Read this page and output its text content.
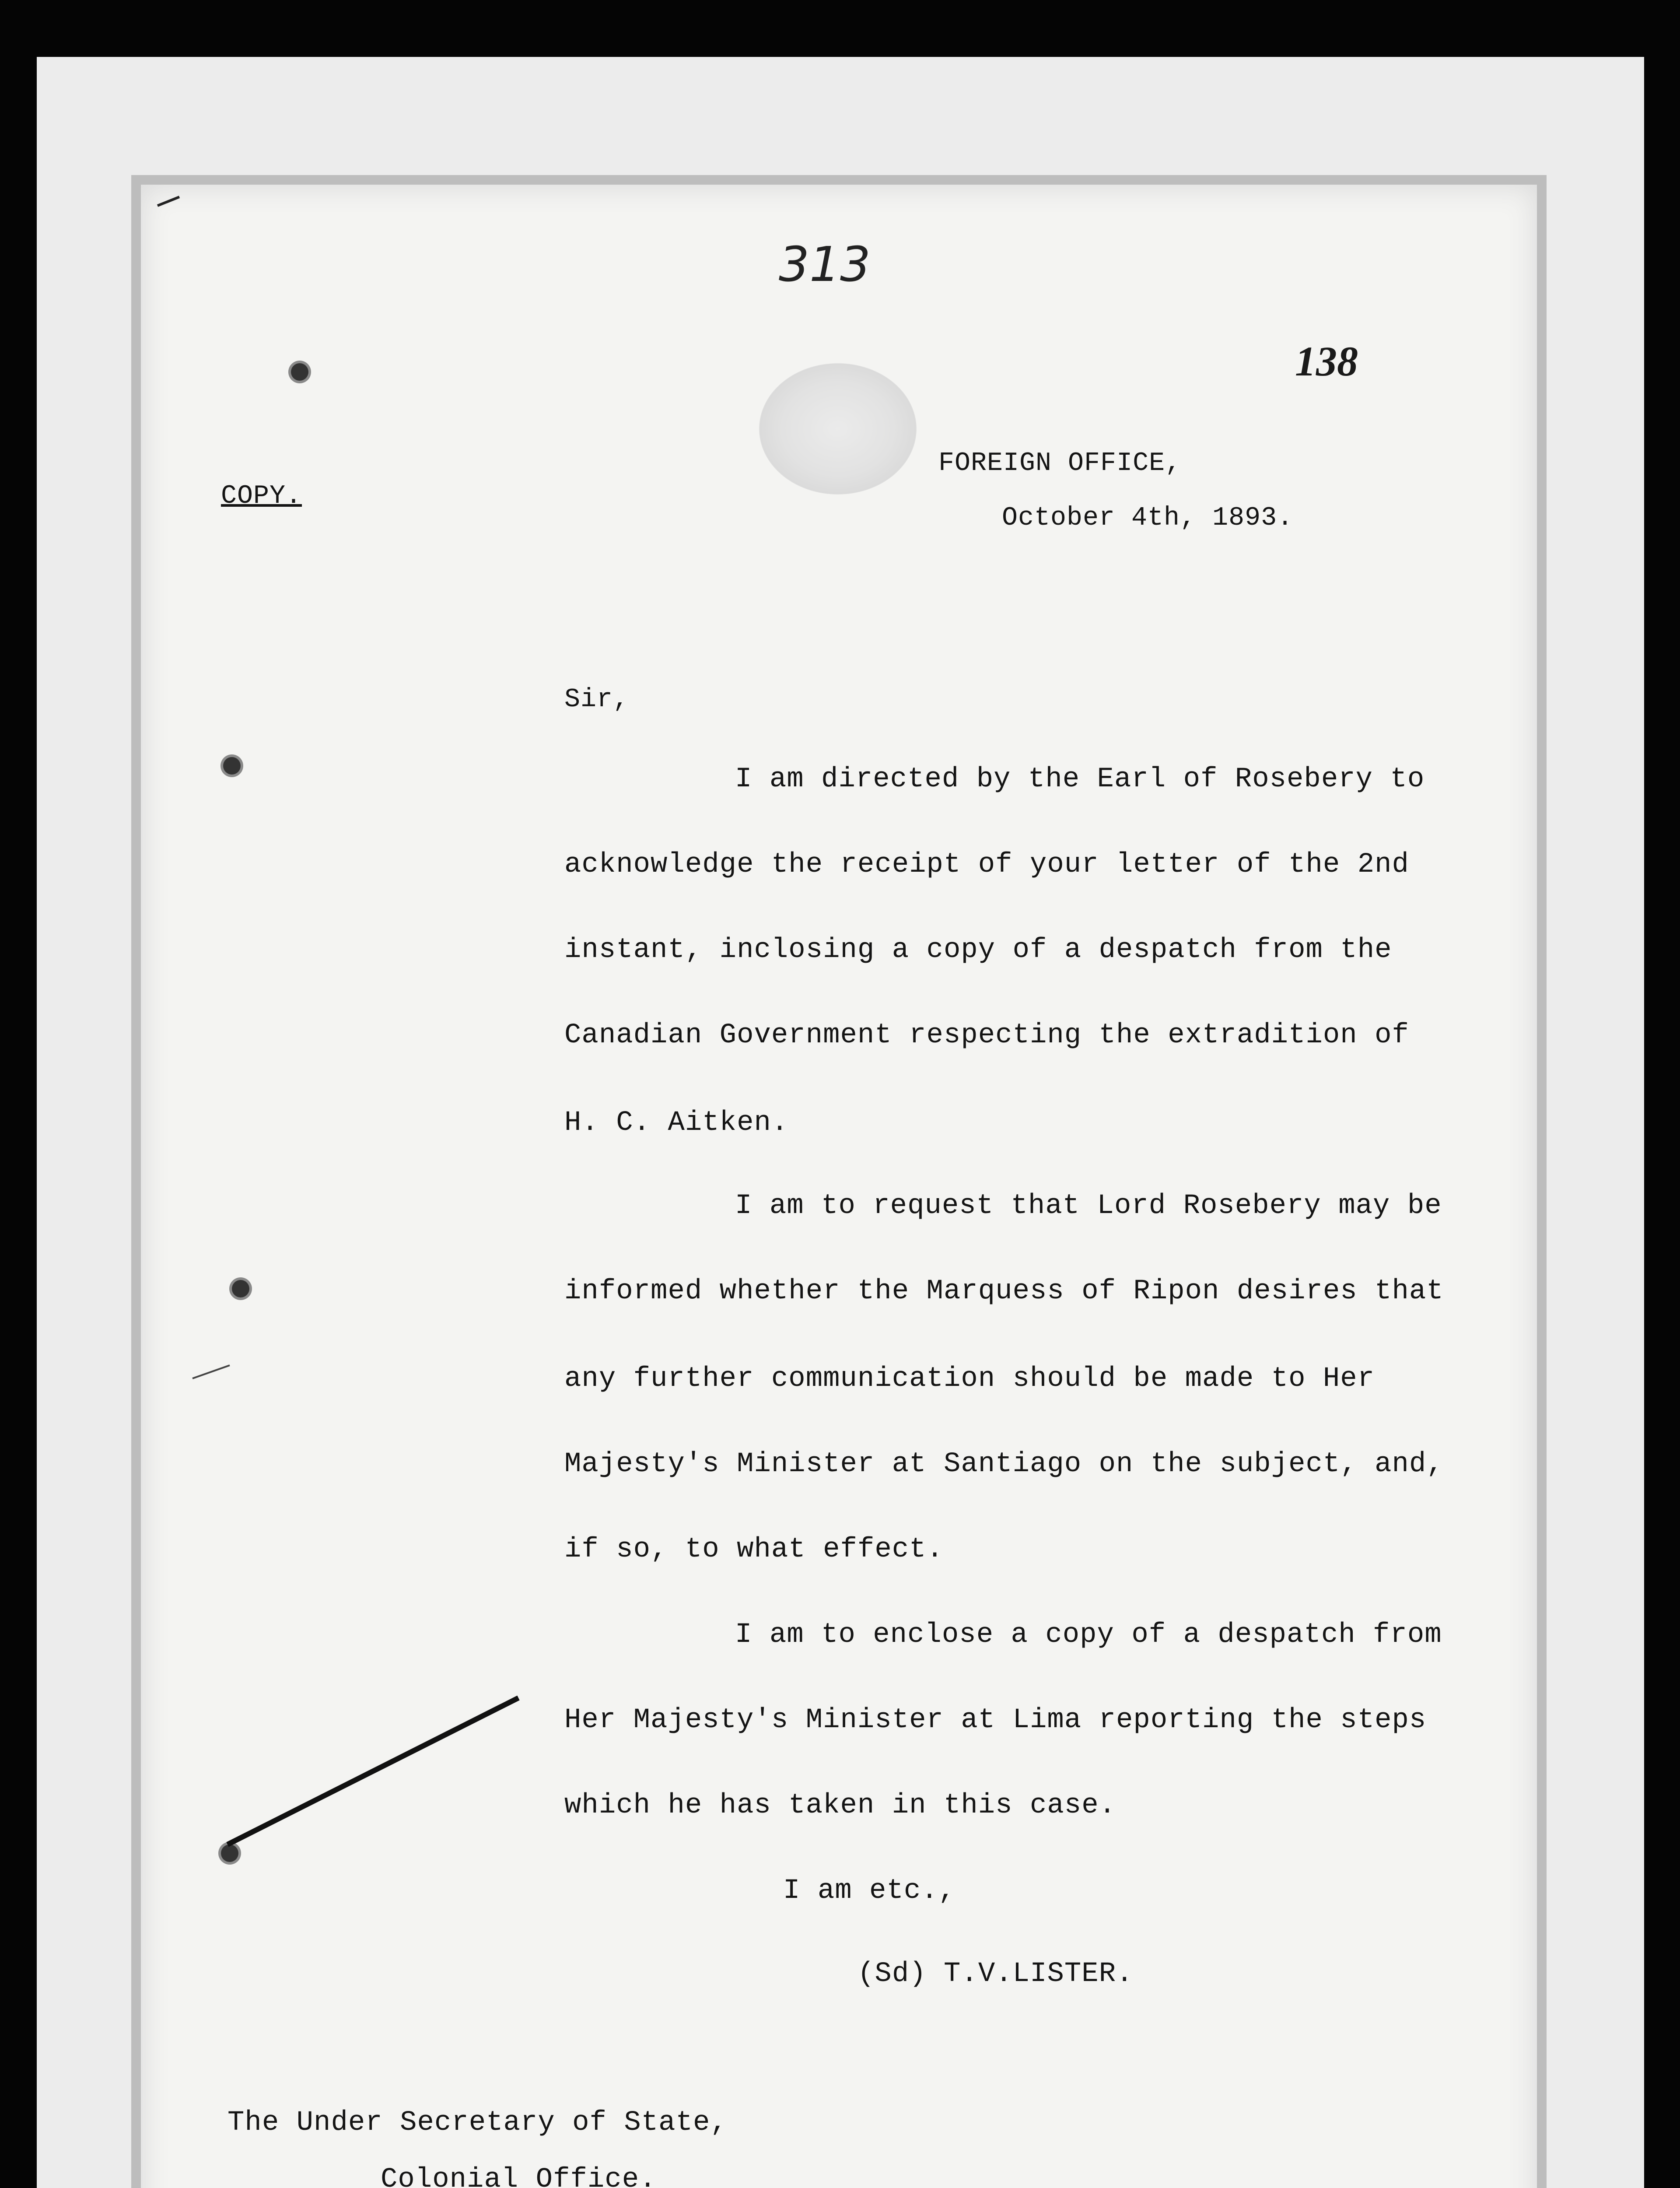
313
138
COPY.
FOREIGN OFFICE,
October 4th, 1893.
Sir,
I am directed by the Earl of Rosebery to
acknowledge the receipt of your letter of the 2nd
instant, inclosing a copy of a despatch from the
Canadian Government respecting the extradition of
H. C. Aitken.
I am to request that Lord Rosebery may be
informed whether the Marquess of Ripon desires that
any further communication should be made to Her
Majesty's Minister at Santiago on the subject, and,
if so, to what effect.
I am to enclose a copy of a despatch from
Her Majesty's Minister at Lima reporting the steps
which he has taken in this case.
I am etc.,
(Sd) T.V.LISTER.
The Under Secretary of State,
Colonial Office.
